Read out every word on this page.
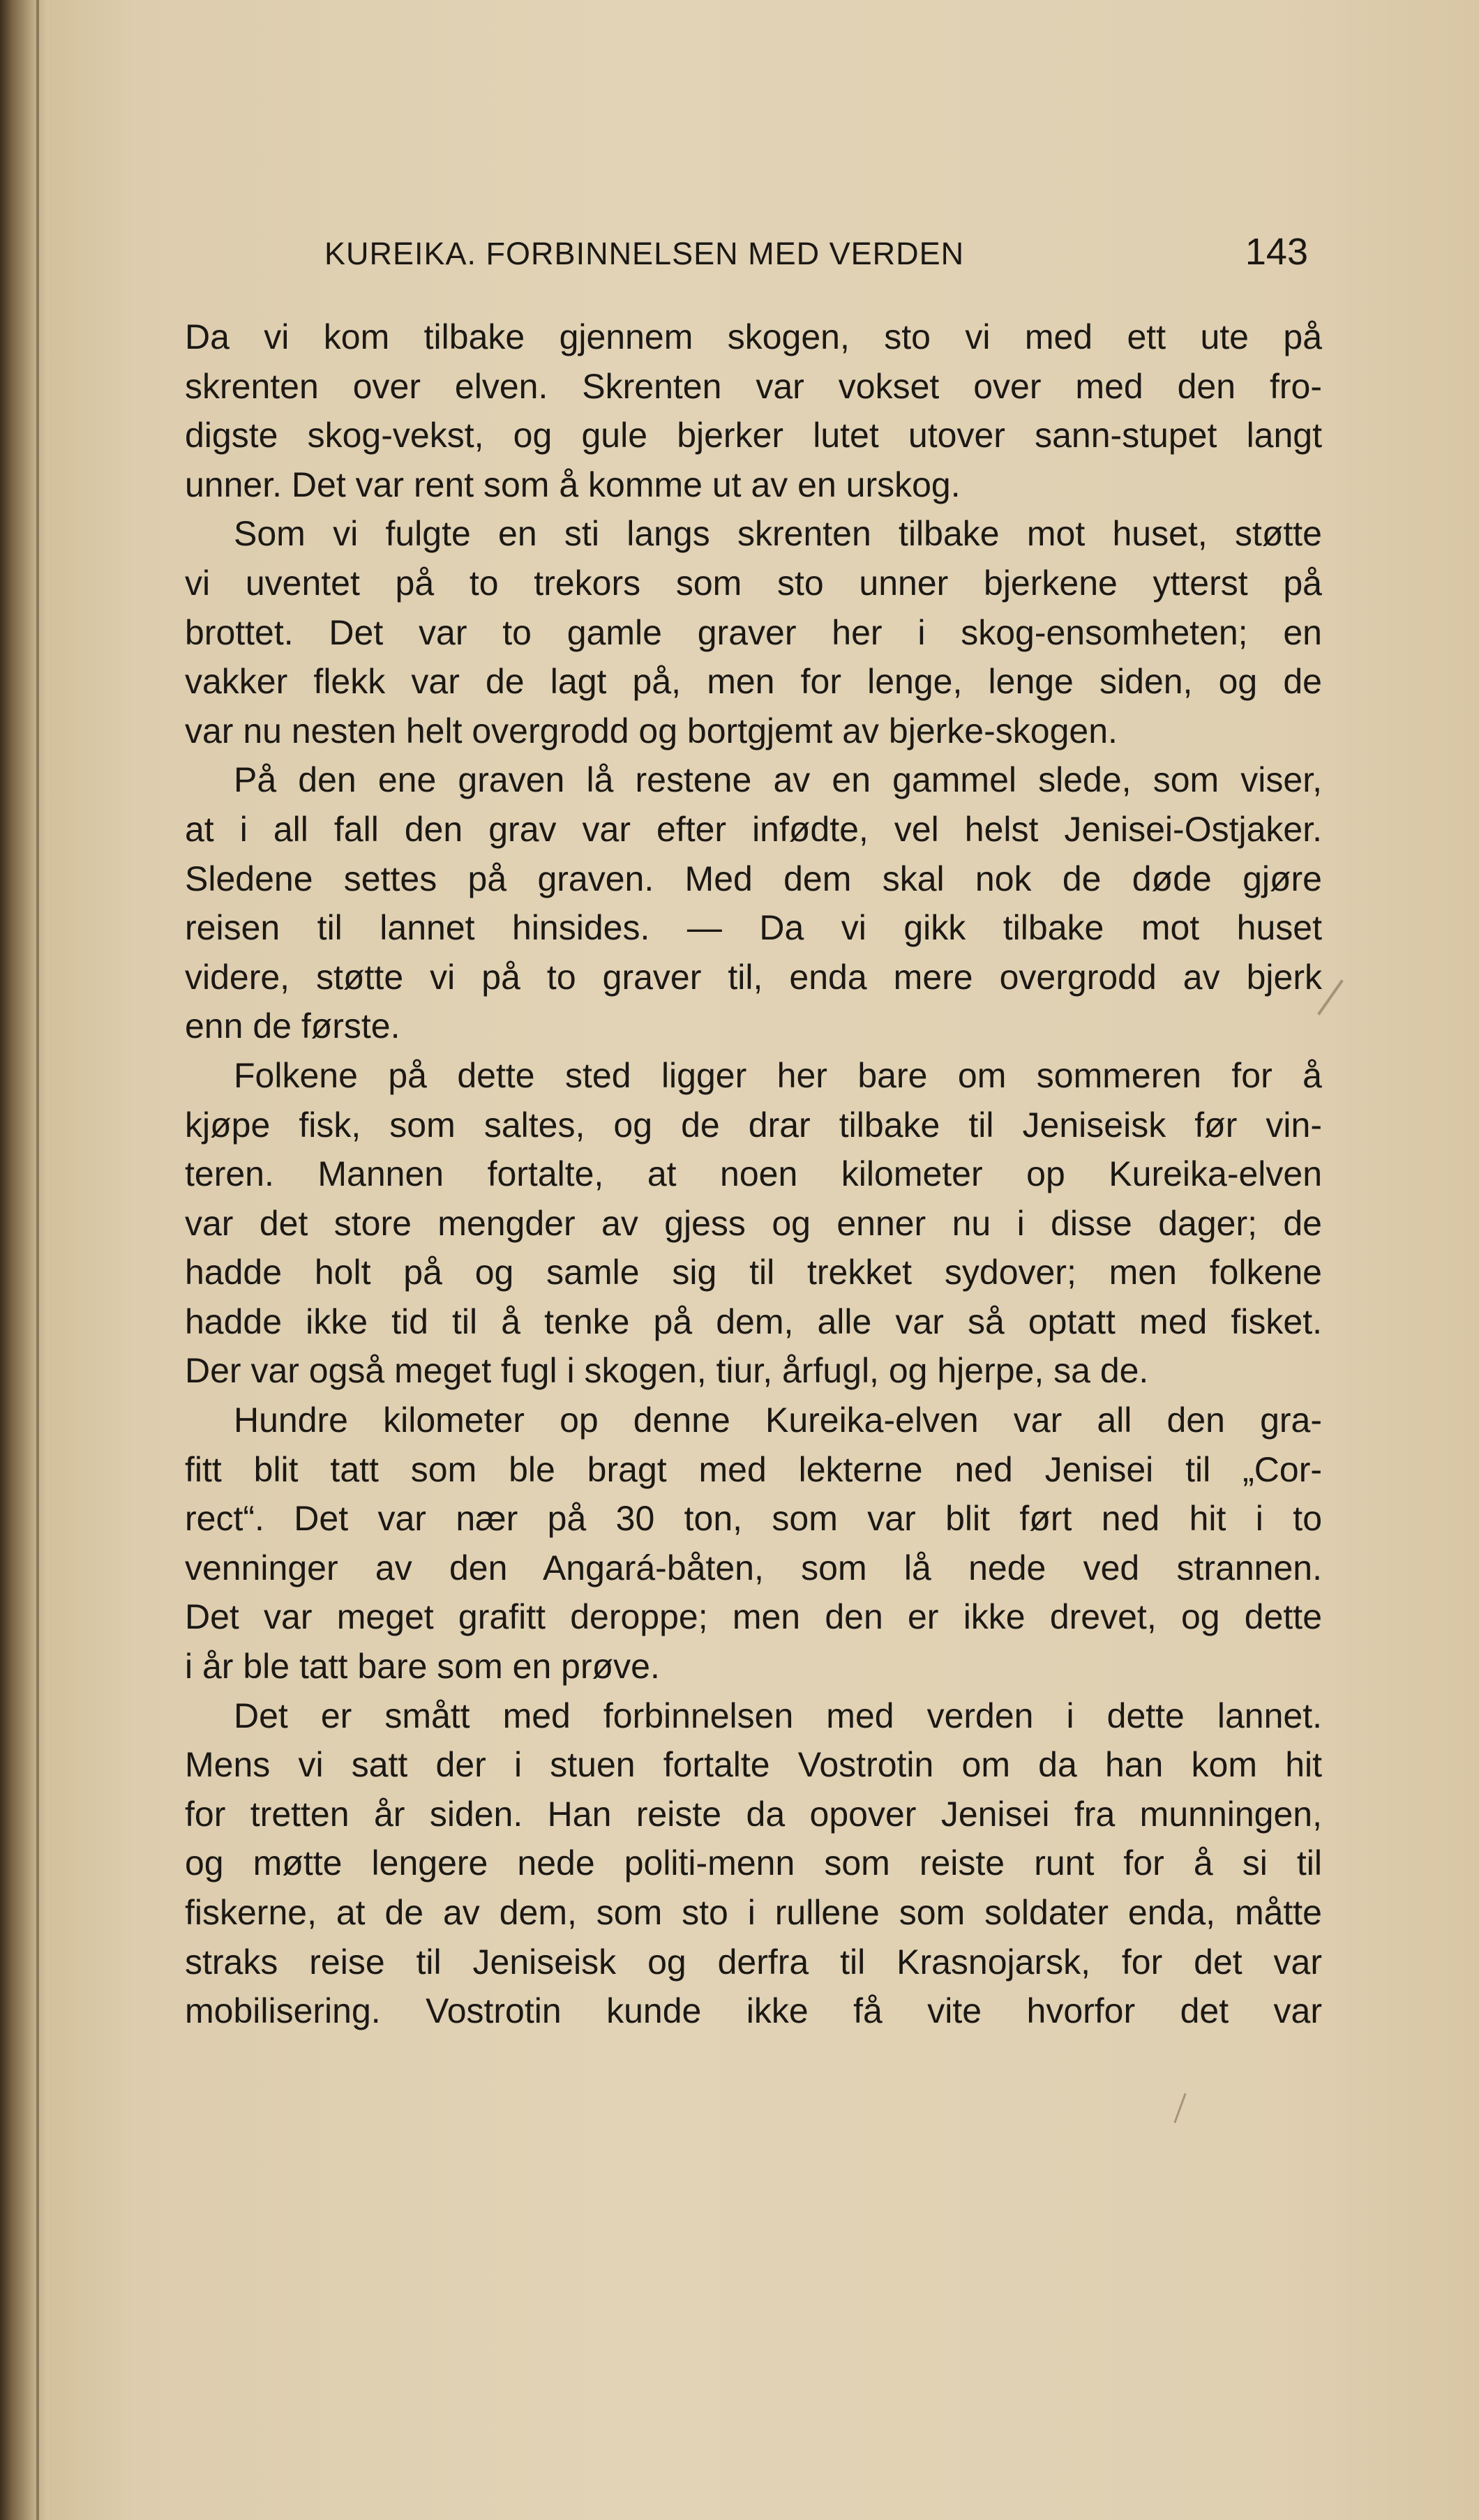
KUREIKA. FORBINNELSEN MED VERDEN	143
Da vi kom tilbake gjennem skogen, sto vi med ett ute på
skrenten over elven. Skrenten var vokset over med den fro-
digste skog-vekst, og gule bjerker lutet utover sann-stupet langt
unner. Det var rent som å komme ut av en urskog.
Som vi fulgte en sti langs skrenten tilbake mot huset, støtte
vi uventet på to trekors som sto unner bjerkene ytterst på
brottet. Det var to gamle graver her i skog-ensomheten; en
vakker flekk var de lagt på, men for lenge, lenge siden, og de
var nu nesten helt overgrodd og bortgjemt av bjerke-skogen.
På den ene graven lå restene av en gammel slede, som viser,
at i all fall den grav var efter infødte, vel helst Jenisei-Ostjaker.
Sledene settes på graven. Med dem skal nok de døde gjøre
reisen til lannet hinsides. — Da vi gikk tilbake mot huset
videre, støtte vi på to graver til, enda mere overgrodd av bjerk
enn de første.
Folkene på dette sted ligger her bare om sommeren for å
kjøpe fisk, som saltes, og de drar tilbake til Jeniseisk før vin-
teren. Mannen fortalte, at noen kilometer op Kureika-elven
var det store mengder av gjess og enner nu i disse dager; de
hadde holt på og samle sig til trekket sydover; men folkene
hadde ikke tid til å tenke på dem, alle var så optatt med fisket.
Der var også meget fugl i skogen, tiur, årfugl, og hjerpe, sa de.
Hundre kilometer op denne Kureika-elven var all den gra-
fitt blit tatt som ble bragt med lekterne ned Jenisei til „Cor-
rect“. Det var nær på 30 ton, som var blit ført ned hit i to
venninger av den Angará-båten, som lå nede ved strannen.
Det var meget grafitt deroppe; men den er ikke drevet, og dette
i år ble tatt bare som en prøve.
Det er smått med forbinnelsen med verden i dette lannet.
Mens vi satt der i stuen fortalte Vostrotin om da han kom hit
for tretten år siden. Han reiste da opover Jenisei fra munningen,
og møtte lengere nede politi-menn som reiste runt for å si til
fiskerne, at de av dem, som sto i rullene som soldater enda, måtte
straks reise til Jeniseisk og derfra til Krasnojarsk, for det var
mobilisering. Vostrotin kunde ikke få vite hvorfor det var
